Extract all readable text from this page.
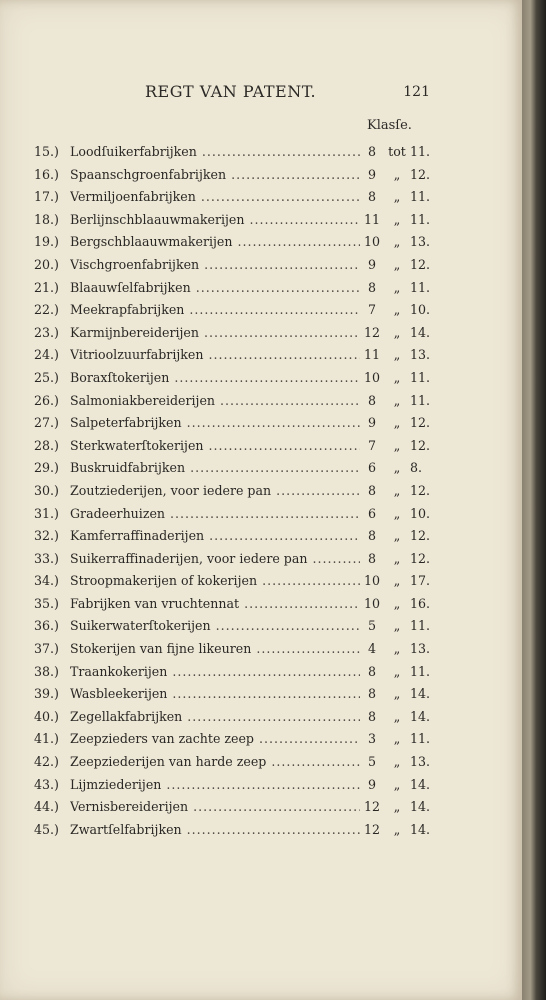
REGT VAN PATENT.	121
Klasſe.
15.) Loodſuikerfabrijken .....	8 tot 11.
16.) Spaanschgroenfabrijken .....	9	„ 12.
17.) Vermiljoenfabrijken .....	8	„ 11.
18.) Berlijnschblaauwmakerijen .....	11	„ 11.
19.) Bergschblaauwmakerijen .....	10	„ 13.
20.) Vischgroenfabrijken .....	9	„ 12.
21.) Blaauwſelfabrijken .....	8	„ 11.
22.) Meekrapfabrijken .....	7	„ 10.
23.) Karmijnbereiderijen .....	12	„ 14.
24.) Vitrioolzuurfabrijken .....	11	„ 13.
25.) Boraxſtokerijen .....	10	„ 11.
26.) Salmoniakbereiderijen .....	8	„ 11.
27.) Salpeterfabrijken .....	9	„ 12.
28.) Sterkwaterſtokerijen .....	7	„ 12.
29.) Buskruidfabrijken .....	6	„ 8.
30.) Zoutziederijen, voor iedere pan .....	8	„ 12.
31.) Gradeerhuizen .....	6	„ 10.
32.) Kamferraffinaderijen .....	8	„ 12.
33.) Suikerraffinaderijen, voor iedere pan .....	8	„ 12.
34.) Stroopmakerijen of kokerijen .....	10	„ 17.
35.) Fabrijken van vruchtennat .....	10	„ 16.
36.) Suikerwaterſtokerijen .....	5	„ 11.
37.) Stokerijen van fijne likeuren .....	4	„ 13.
38.) Traankokerijen .....	8	„ 11.
39.) Wasbleekerijen .....	8	„ 14.
40.) Zegellakfabrijken .....	8	„ 14.
41.) Zeepzieders van zachte zeep .....	3	„ 11.
42.) Zeepziederijen van harde zeep .....	5	„ 13.
43.) Lijmziederijen .....	9	„ 14.
44.) Vernisbereiderijen .....	12	„ 14.
45.) Zwartſelfabrijken .....	12	„ 14.
